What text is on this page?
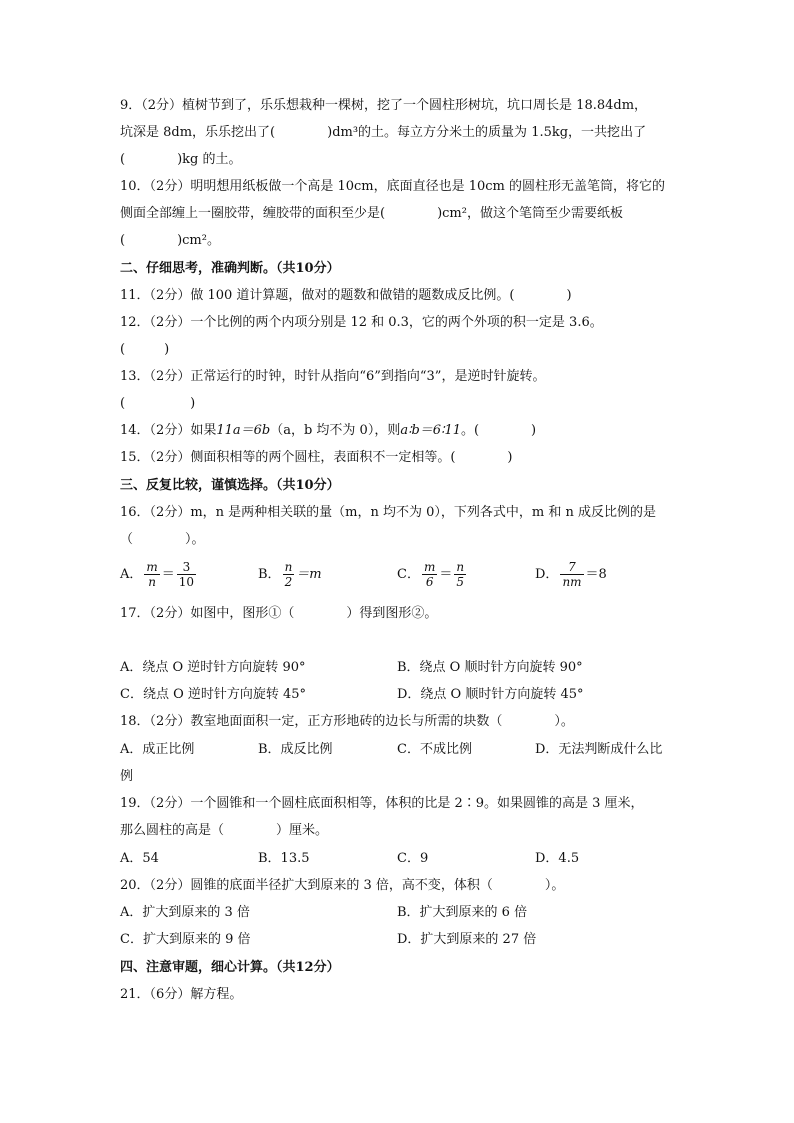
9．（2分）植树节到了，乐乐想栽种一棵树，挖了一个圆柱形树坑，坑口周长是 18.84dm，
坑深是 8dm，乐乐挖出了(　　　　)dm³的土。每立方分米土的质量为 1.5kg，一共挖出了
(　　　　)kg 的土。
10．（2分）明明想用纸板做一个高是 10cm，底面直径也是 10cm 的圆柱形无盖笔筒，将它的
侧面全部缠上一圈胶带，缠胶带的面积至少是(　　　　)cm²，做这个笔筒至少需要纸板
(　　　　)cm²。
二、仔细思考，准确判断。（共10分）
11．（2分）做 100 道计算题，做对的题数和做错的题数成反比例。(　　　　)
12．（2分）一个比例的两个内项分别是 12 和 0.3，它的两个外项的积一定是 3.6。
(　　　)
13．（2分）正常运行的时钟，时针从指向“6”到指向“3”，是逆时针旋转。
(　　　　　)
14．（2分）如果11a＝6b（a，b 均不为 0），则a∶b＝6∶11。(　　　　)
15．（2分）侧面积相等的两个圆柱，表面积不一定相等。(　　　　)
三、反复比较，谨慎选择。（共10分）
16．（2分）m，n 是两种相关联的量（m，n 均不为 0），下列各式中，m 和 n 成反比例的是
（　　　　）。
A． $\frac{m}{n} = \frac{3}{10}$	B． $\frac{n}{2} =m$	C． $\frac{m}{6} = \frac{n}{5}$	D． $\frac{7}{nm} =8$
17．（2分）如图中，图形①（　　　　）得到图形②。
A．绕点 O 逆时针方向旋转 90°	B．绕点 O 顺时针方向旋转 90°
C．绕点 O 逆时针方向旋转 45°	D．绕点 O 顺时针方向旋转 45°
18．（2分）教室地面面积一定，正方形地砖的边长与所需的块数（　　　　）。
A．成正比例	B．成反比例	C．不成比例	D．无法判断成什么比
例
19．（2分）一个圆锥和一个圆柱底面积相等，体积的比是 2∶9。如果圆锥的高是 3 厘米，
那么圆柱的高是（　　　　）厘米。
A．54	B．13.5	C．9	D．4.5
20．（2分）圆锥的底面半径扩大到原来的 3 倍，高不变，体积（　　　　）。
A．扩大到原来的 3 倍	B．扩大到原来的 6 倍
C．扩大到原来的 9 倍	D．扩大到原来的 27 倍
四、注意审题，细心计算。（共12分）
21．（6分）解方程。
